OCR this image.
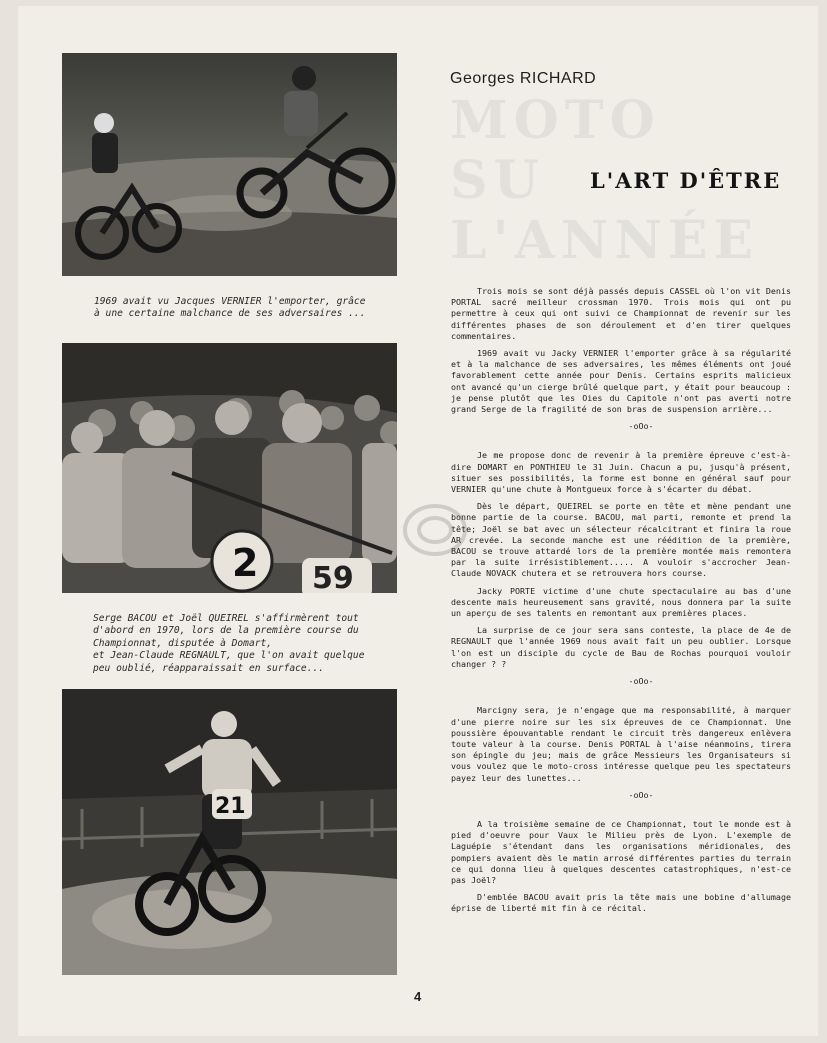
1969 avait vu Jacques VERNIER l'emporter, grâce

à une certaine malchance de ses adversaires ...

2 59

Serge BACOU et Joël QUEIREL s'affirmèrent tout

d'abord en 1970, lors de la première course du

Championnat, disputée à Domart,

et Jean-Claude REGNAULT, que l'on avait quelque

peu oublié, réapparaissait en surface...

21
Georges RICHARD
MOTO
SU
L'ANNÉE
L'ART D'ÊTRE

Trois mois se sont déjà passés depuis CASSEL où l'on vit Denis PORTAL sacré meilleur crossman 1970. Trois mois qui ont pu permettre à ceux qui ont suivi ce Championnat de revenir sur les différentes phases de son déroulement et d'en tirer quelques commentaires.

1969 avait vu Jacky VERNIER l'emporter grâce à sa régularité et à la malchance de ses adversaires, les mêmes éléments ont joué favorablement cette année pour Denis. Certains esprits malicieux ont avancé qu'un cierge brûlé quelque part, y était pour beaucoup : je pense plutôt que les Oies du Capitole n'ont pas averti notre grand Serge de la fragilité de son bras de suspension arrière...

-oOo-

Je me propose donc de revenir à la première épreuve c'est-à-dire DOMART en PONTHIEU le 31 Juin. Chacun a pu, jusqu'à présent, situer ses possibilités, la forme est bonne en général sauf pour VERNIER qu'une chute à Montgueux force à s'écarter du débat.

Dès le départ, QUEIREL se porte en tête et mène pendant une bonne partie de la course. BACOU, mal parti, remonte et prend la tête; Joël se bat avec un sélecteur récalcitrant et finira la roue AR crevée. La seconde manche est une réédition de la première, BACOU se trouve attardé lors de la première montée mais remontera par la suite irrésistiblement..... A vouloir s'accrocher Jean-Claude NOVACK chutera et se retrouvera hors course.

Jacky PORTE victime d'une chute spectaculaire au bas d'une descente mais heureusement sans gravité, nous donnera par la suite un aperçu de ses talents en remontant aux premières places.

La surprise de ce jour sera sans conteste, la place de 4e de REGNAULT que l'année 1969 nous avait fait un peu oublier. Lorsque l'on est un disciple du cycle de Bau de Rochas pourquoi vouloir changer ? ?

-oOo-

Marcigny sera, je n'engage que ma responsabilité, à marquer d'une pierre noire sur les six épreuves de ce Championnat. Une poussière épouvantable rendant le circuit très dangereux enlèvera toute valeur à la course. Denis PORTAL à l'aise néanmoins, tirera son épingle du jeu; mais de grâce Messieurs les Organisateurs si vous voulez que le moto-cross intéresse quelque peu les spectateurs payez leur des lunettes...

-oOo-

A la troisième semaine de ce Championnat, tout le monde est à pied d'oeuvre pour Vaux le Milieu près de Lyon. L'exemple de Laguépie s'étendant dans les organisations méridionales, des pompiers avaient dès le matin arrosé différentes parties du terrain ce qui donna lieu à quelques descentes catastrophiques, n'est-ce pas Joël?

D'emblée BACOU avait pris la tête mais une bobine d'allumage éprise de liberté mit fin à ce récital.

4
